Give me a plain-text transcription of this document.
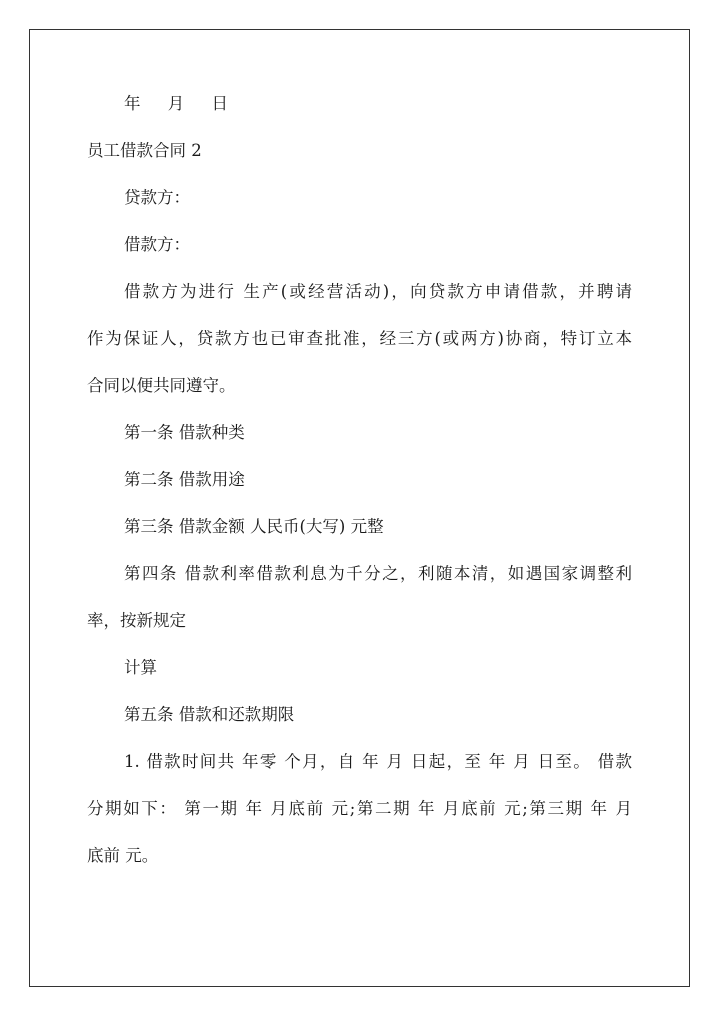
年 月 日
员工借款合同 2
贷款方：
借款方：
借款方为进行 生产(或经营活动)，向贷款方申请借款，并聘请
作为保证人，贷款方也已审查批准，经三方(或两方)协商，特订立本
合同以便共同遵守。
第一条 借款种类
第二条 借款用途
第三条 借款金额 人民币(大写) 元整
第四条 借款利率借款利息为千分之，利随本清，如遇国家调整利
率，按新规定
计算
第五条 借款和还款期限
1. 借款时间共 年零 个月，自 年 月 日起，至 年 月 日至。 借款
分期如下： 第一期 年 月底前 元;第二期 年 月底前 元;第三期 年 月
底前 元。
